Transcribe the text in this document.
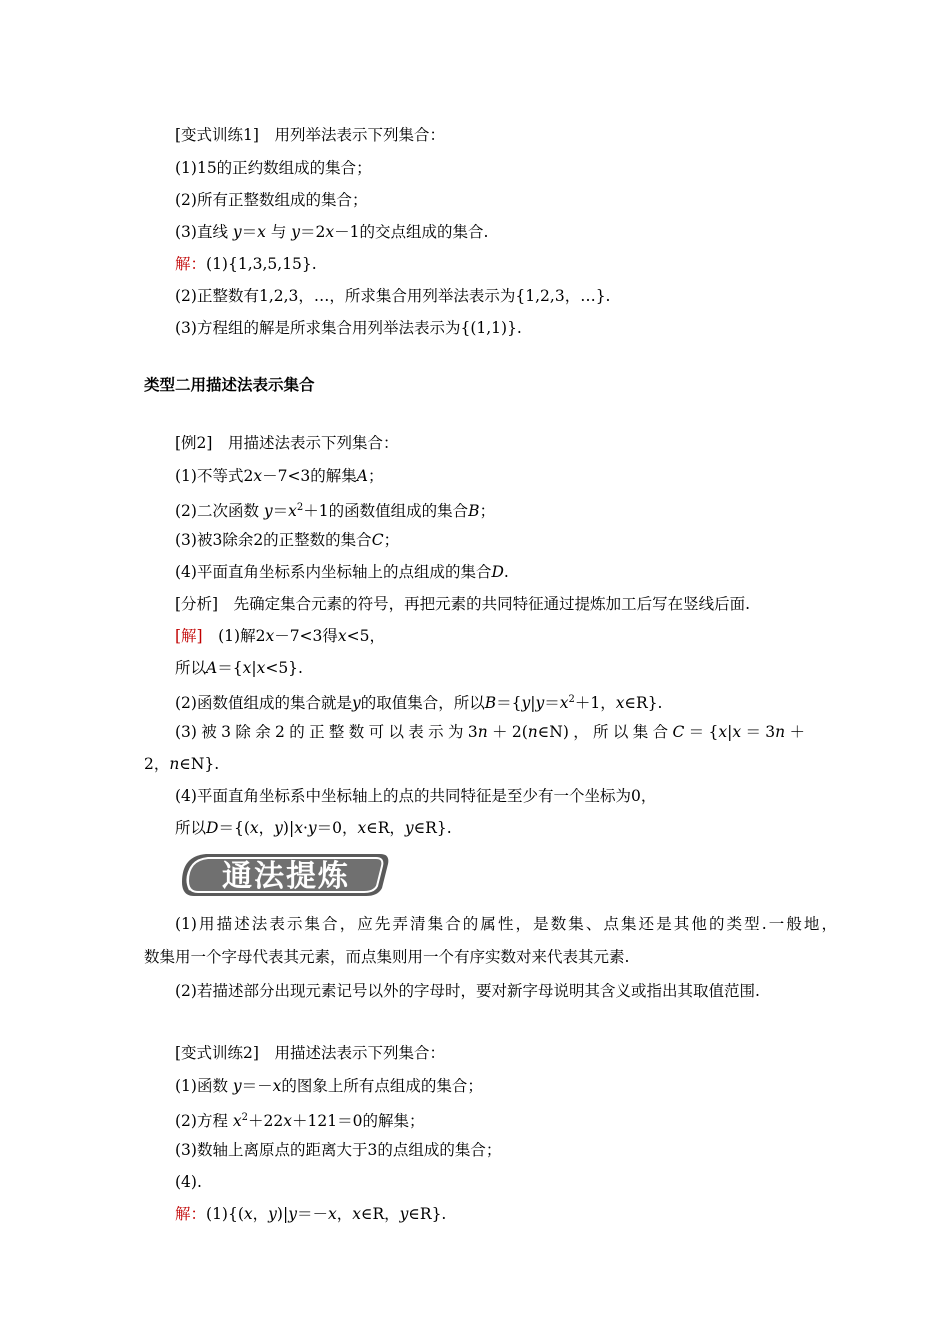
[变式训练1]　用列举法表示下列集合：
(1)15的正约数组成的集合；
(2)所有正整数组成的集合；
(3)直线 y＝x 与 y＝2x－1的交点组成的集合.
解：(1){1,3,5,15}.
(2)正整数有1,2,3，…，所求集合用列举法表示为{1,2,3，…}.
(3)方程组的解是所求集合用列举法表示为{(1,1)}.
类型二用描述法表示集合
[例2]　用描述法表示下列集合：
(1)不等式2x－7<3的解集A；
(2)二次函数 $y=x^2+1$的函数值组成的集合B；
(3)被3除余2的正整数的集合C；
(4)平面直角坐标系内坐标轴上的点组成的集合D.
[分析]　先确定集合元素的符号，再把元素的共同特征通过提炼加工后写在竖线后面.
[解]　(1)解2x－7<3得x<5，
所以A＝{x|x<5}.
(2)函数值组成的集合就是y的取值集合，所以$B=\{y|y=x^2+1$，x∈R}.
(3)被3除余2的正整数可以表示为3n＋2(n∈N)，所以集合C＝{x|x＝3n＋
2，n∈N}.
(4)平面直角坐标系中坐标轴上的点的共同特征是至少有一个坐标为0，
所以D＝{(x，y)|x·y＝0，x∈R，y∈R}.
通法提炼
(1)用描述法表示集合，应先弄清集合的属性，是数集、点集还是其他的类型.一般地，
数集用一个字母代表其元素，而点集则用一个有序实数对来代表其元素.
(2)若描述部分出现元素记号以外的字母时，要对新字母说明其含义或指出其取值范围.
[变式训练2]　用描述法表示下列集合：
(1)函数 y＝－x的图象上所有点组成的集合；
(2)方程 $x^2+22x+121=0$的解集；
(3)数轴上离原点的距离大于3的点组成的集合；
(4).
解：(1){(x，y)|y＝－x，x∈R，y∈R}.
